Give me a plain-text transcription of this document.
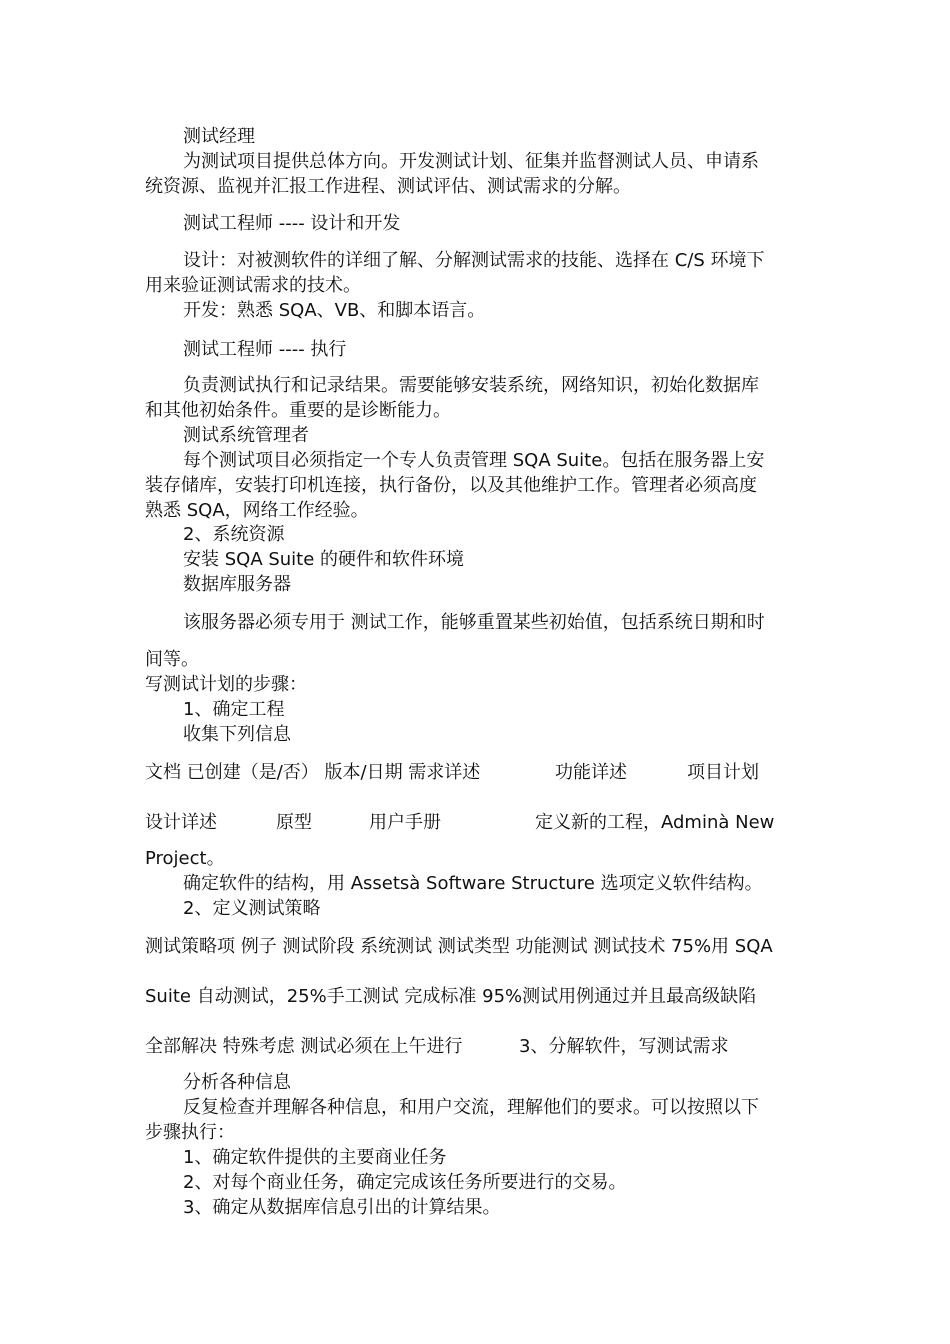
测试经理
为测试项目提供总体方向。开发测试计划、征集并监督测试人员、申请系
统资源、监视并汇报工作进程、测试评估、测试需求的分解。
测试工程师 ---- 设计和开发
设计：对被测软件的详细了解、分解测试需求的技能、选择在 C/S 环境下
用来验证测试需求的技术。
开发：熟悉 SQA、VB、和脚本语言。
测试工程师 ---- 执行
负责测试执行和记录结果。需要能够安装系统，网络知识，初始化数据库
和其他初始条件。重要的是诊断能力。
测试系统管理者
每个测试项目必须指定一个专人负责管理 SQA Suite。包括在服务器上安
装存储库，安装打印机连接，执行备份，以及其他维护工作。管理者必须高度
熟悉 SQA，网络工作经验。
2、系统资源
安装 SQA Suite 的硬件和软件环境
数据库服务器
该服务器必须专用于 测试工作，能够重置某些初始值，包括系统日期和时
间等。
写测试计划的步骤：
1、确定工程
收集下列信息
文档 已创建（是/否） 版本/日期 需求详述	功能详述	项目计划
设计详述	原型	用户手册	定义新的工程，Adminà New
Project。
确定软件的结构，用 Assetsà Software Structure 选项定义软件结构。
2、定义测试策略
测试策略项 例子 测试阶段 系统测试 测试类型 功能测试 测试技术 75%用 SQA
Suite 自动测试，25%手工测试 完成标准 95%测试用例通过并且最高级缺陷
全部解决 特殊考虑 测试必须在上午进行	3、分解软件，写测试需求
分析各种信息
反复检查并理解各种信息，和用户交流，理解他们的要求。可以按照以下
步骤执行：
1、确定软件提供的主要商业任务
2、对每个商业任务，确定完成该任务所要进行的交易。
3、确定从数据库信息引出的计算结果。
